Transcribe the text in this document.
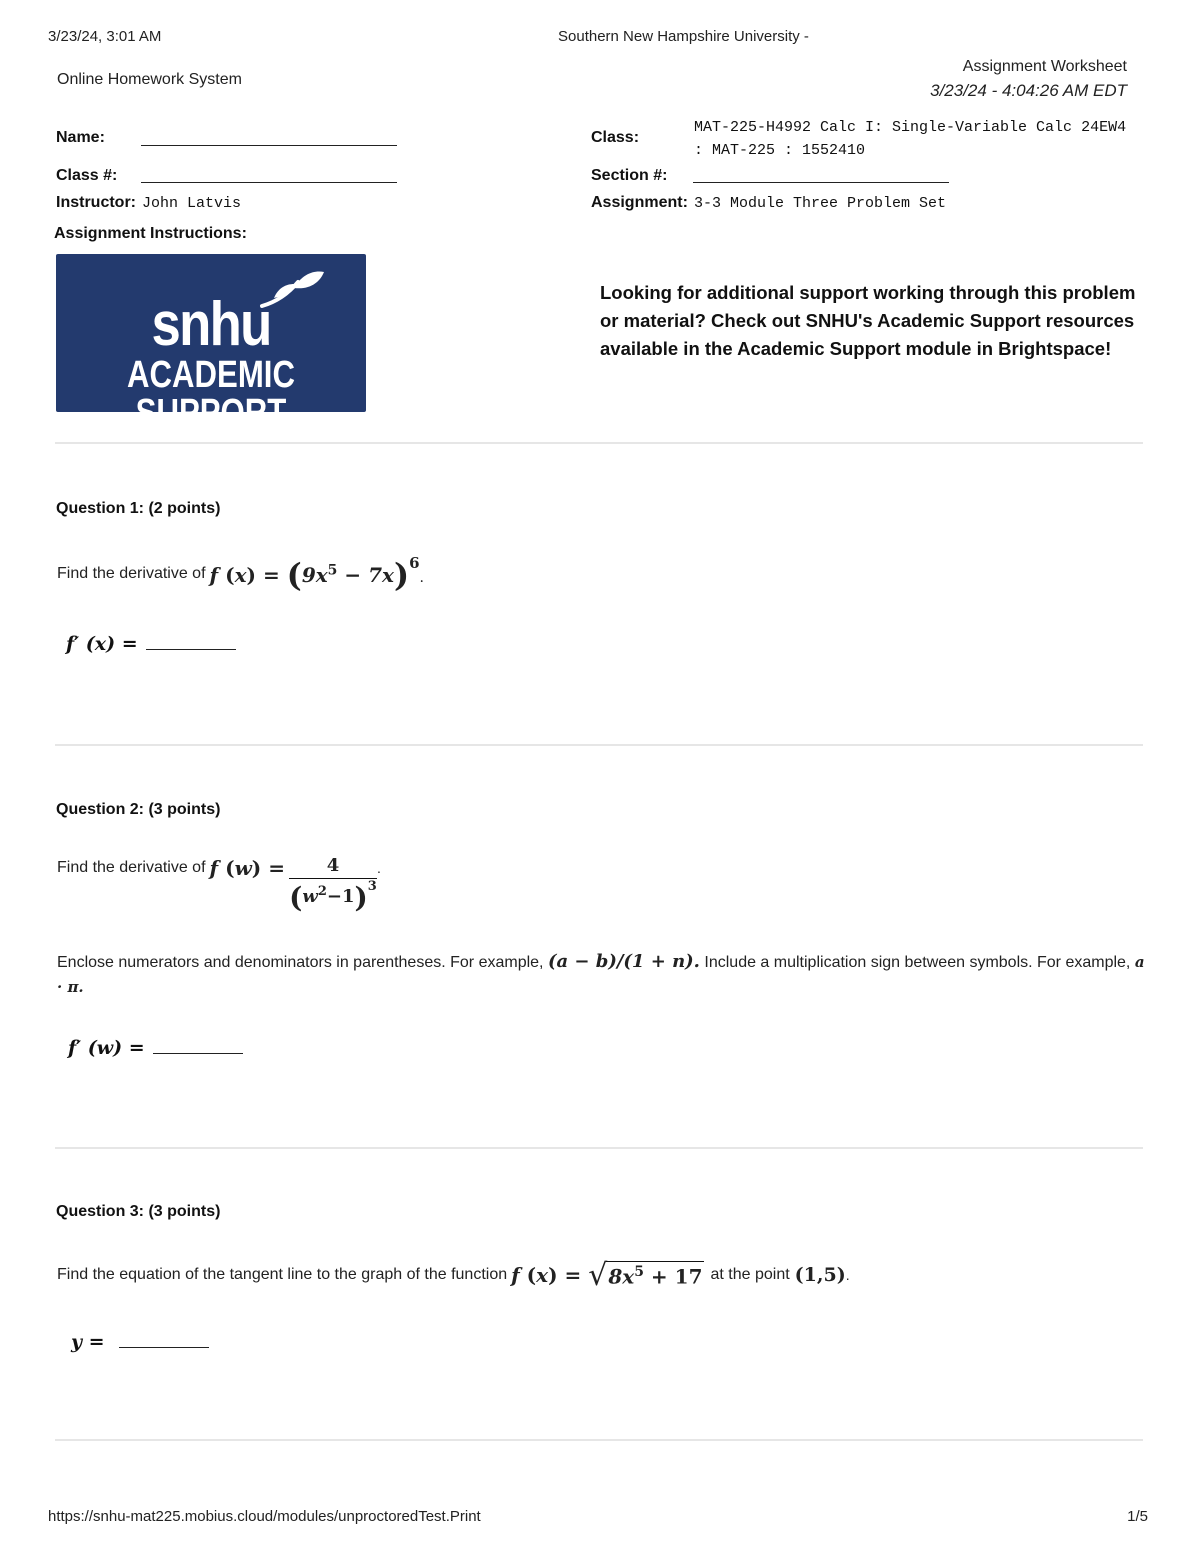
3/23/24, 3:01 AM	Southern New Hampshire University -
Online Homework System
Assignment Worksheet
3/23/24 - 4:04:26 AM EDT
Name:
Class #:
Instructor: John Latvis
Assignment Instructions:
Class:
MAT-225-H4992 Calc I: Single-Variable Calc 24EW4
: MAT-225 : 1552410
Section #:
Assignment: 3-3 Module Three Problem Set
snhu
ACADEMIC SUPPORT
Looking for additional support working through this problem or material? Check out SNHU's Academic Support resources available in the Academic Support module in Brightspace!
Question 1: (2 points)
Find the derivative of f $(x) = (9x^5 - 7x)^6$.
f′ (x) =
Question 2: (3 points)
Find the derivative of f (w) = 4
$(w^2-1)^3$
.
Enclose numerators and denominators in parentheses. For example, (a − b)/(1 + n). Include a multiplication sign between symbols. For example, a · π.
f′ (w) =
Question 3: (3 points)
Find the equation of the tangent line to the graph of the function f ( x ) = √ $8x^5 + 17$ at the point (1,5) .
y =
https://snhu-mat225.mobius.cloud/modules/unproctoredTest.Print	1/5
